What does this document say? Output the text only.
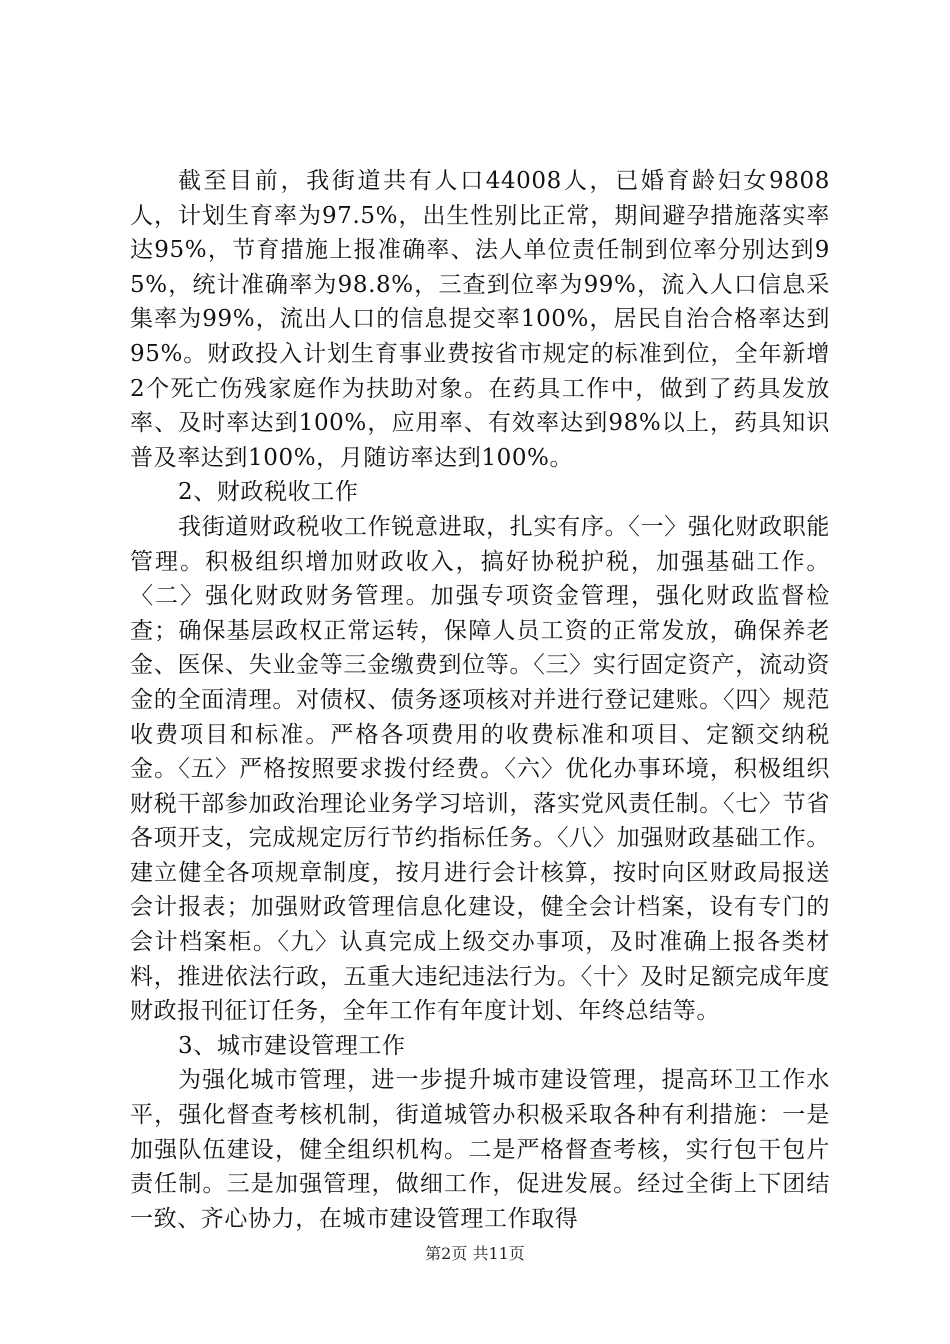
截至目前，我街道共有人口44008人，已婚育龄妇女9808人，计划生育率为97.5%，出生性别比正常，期间避孕措施落实率达95%，节育措施上报准确率、法人单位责任制到位率分别达到95%，统计准确率为98.8%，三查到位率为99%，流入人口信息采集率为99%，流出人口的信息提交率100%，居民自治合格率达到95%。财政投入计划生育事业费按省市规定的标准到位，全年新增2个死亡伤残家庭作为扶助对象。在药具工作中，做到了药具发放率、及时率达到100%，应用率、有效率达到98%以上，药具知识普及率达到100%，月随访率达到100%。

2、财政税收工作

我街道财政税收工作锐意进取，扎实有序。〈一〉强化财政职能管理。积极组织增加财政收入，搞好协税护税，加强基础工作。〈二〉强化财政财务管理。加强专项资金管理，强化财政监督检查；确保基层政权正常运转，保障人员工资的正常发放，确保养老金、医保、失业金等三金缴费到位等。〈三〉实行固定资产，流动资金的全面清理。对债权、债务逐项核对并进行登记建账。〈四〉规范收费项目和标准。严格各项费用的收费标准和项目、定额交纳税金。〈五〉严格按照要求拨付经费。〈六〉优化办事环境，积极组织财税干部参加政治理论业务学习培训，落实党风责任制。〈七〉节省各项开支，完成规定厉行节约指标任务。〈八〉加强财政基础工作。建立健全各项规章制度，按月进行会计核算，按时向区财政局报送会计报表；加强财政管理信息化建设，健全会计档案，设有专门的会计档案柜。〈九〉认真完成上级交办事项，及时准确上报各类材料，推进依法行政，五重大违纪违法行为。〈十〉及时足额完成年度财政报刊征订任务，全年工作有年度计划、年终总结等。

3、城市建设管理工作

为强化城市管理，进一步提升城市建设管理，提高环卫工作水平，强化督查考核机制，街道城管办积极采取各种有利措施：一是加强队伍建设，健全组织机构。二是严格督查考核，实行包干包片责任制。三是加强管理，做细工作，促进发展。经过全街上下团结一致、齐心协力，在城市建设管理工作取得

第2页 共11页
